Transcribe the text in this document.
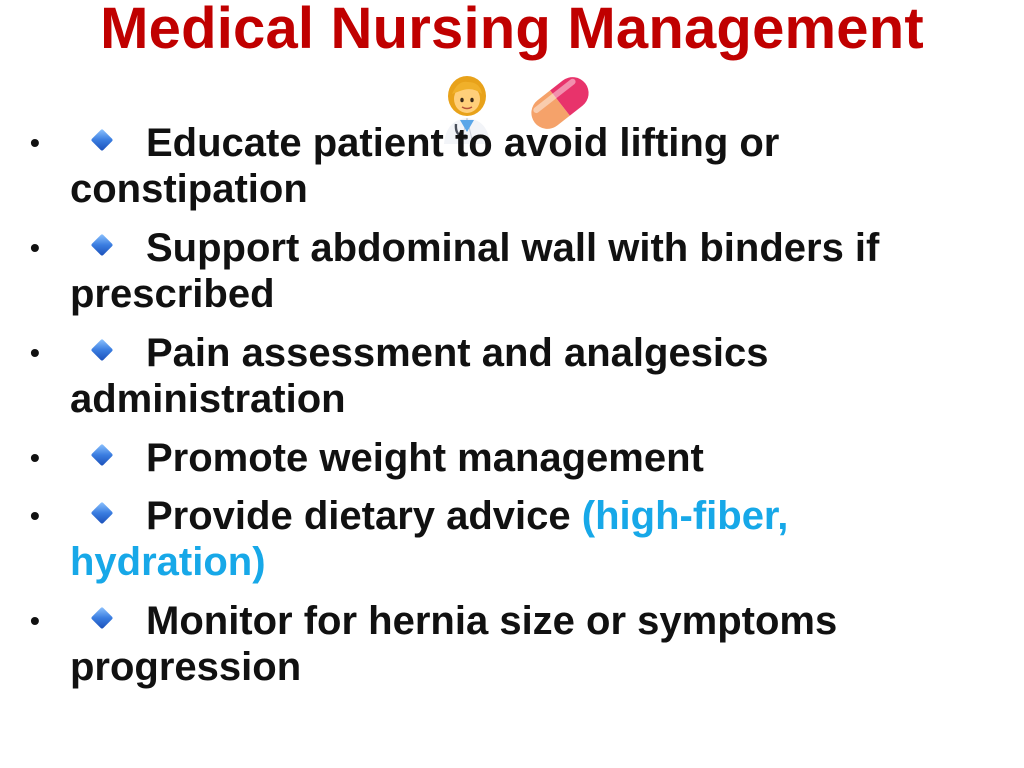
Medical Nursing Management
•	Educate patient to avoid lifting or constipation
•	Support abdominal wall with binders if prescribed
•	Pain assessment and analgesics administration
•	Promote weight management
•	Provide dietary advice (high-fiber, hydration)
•	Monitor for hernia size or symptoms progression
